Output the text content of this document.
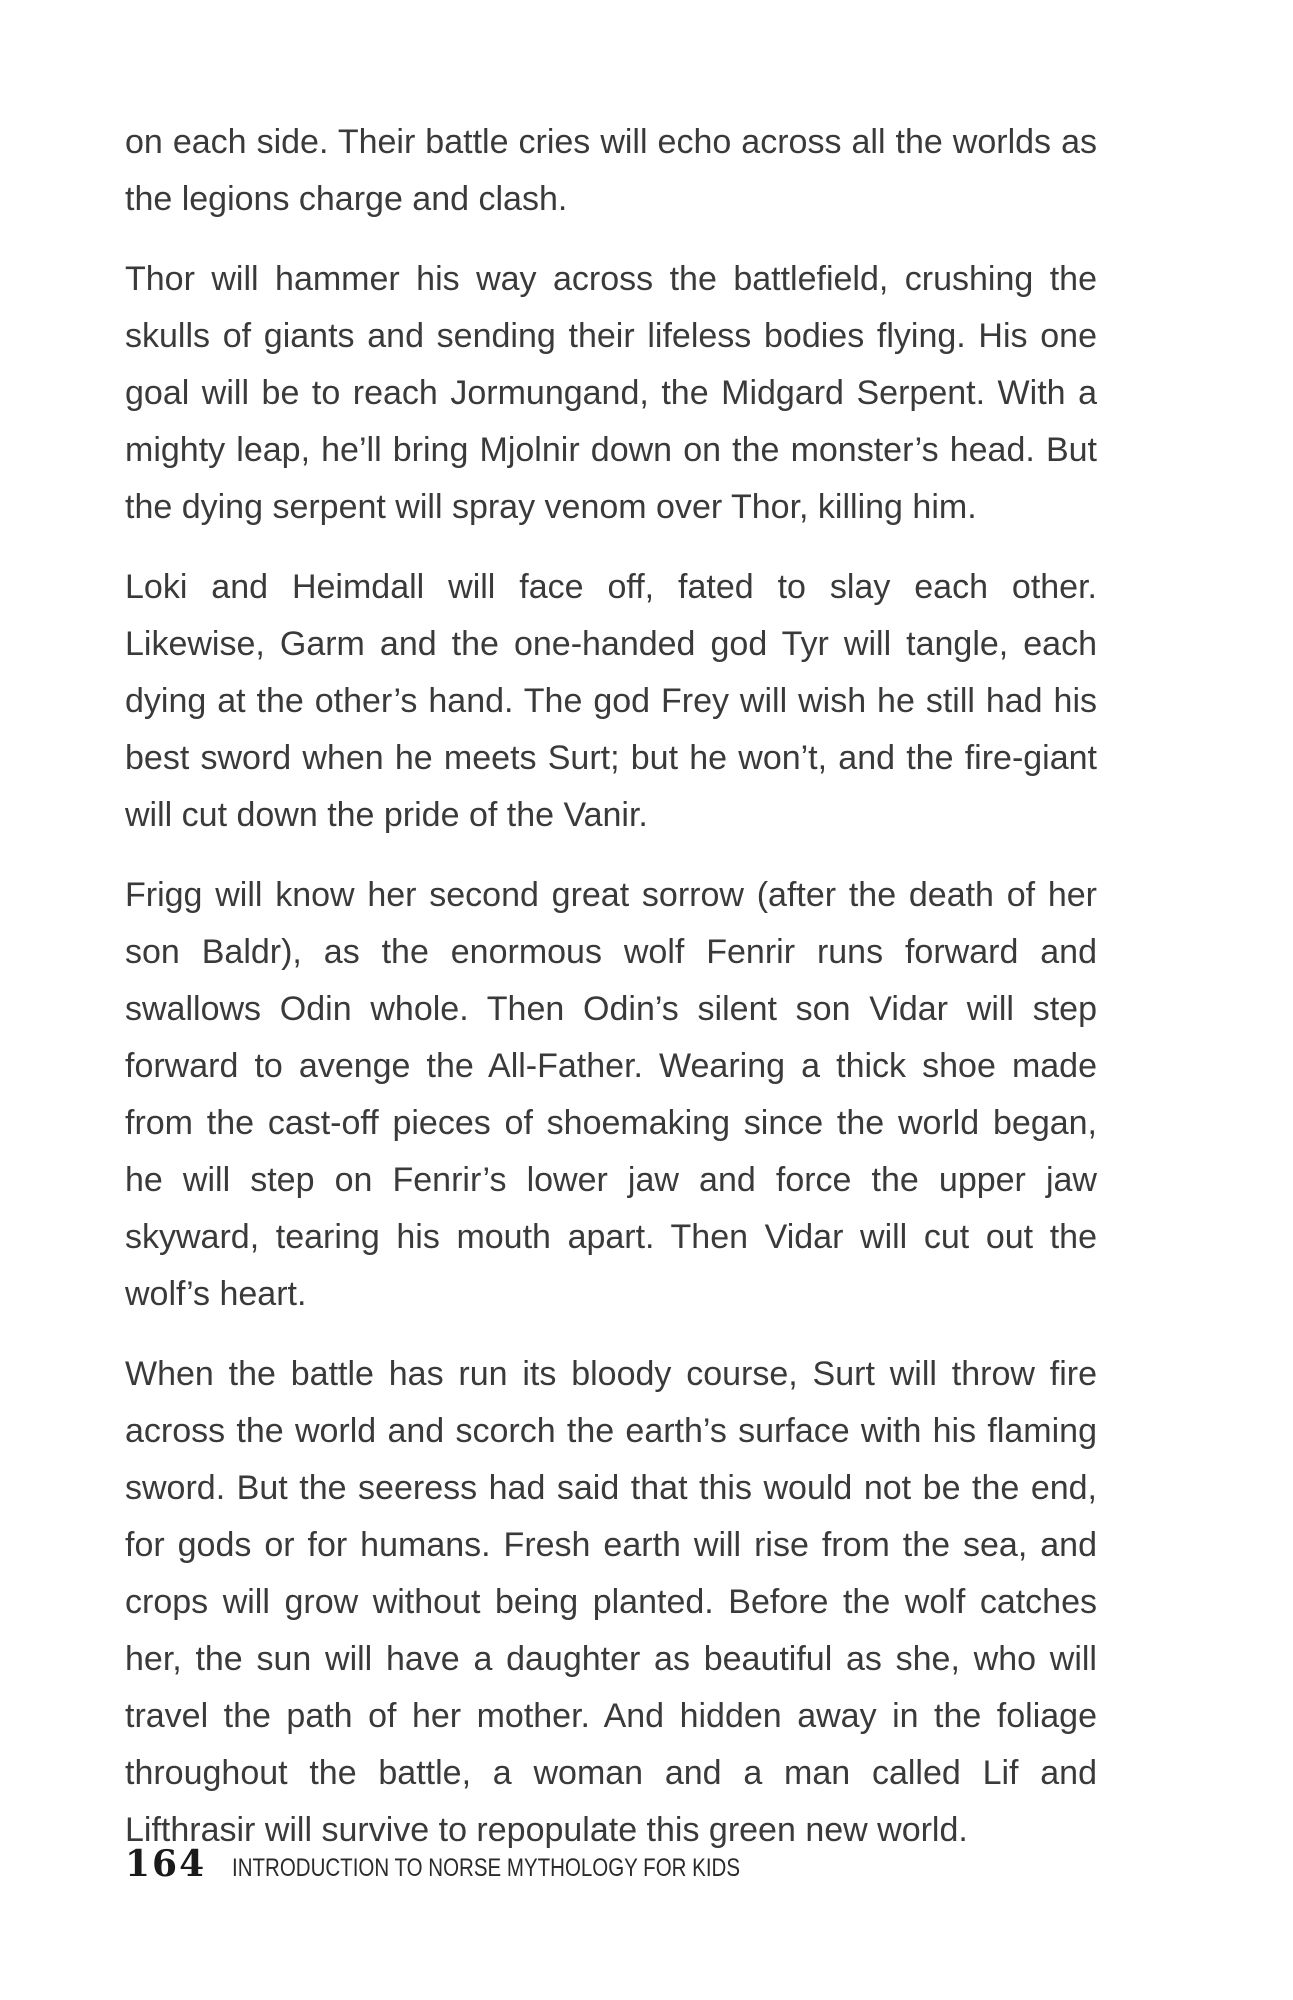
on each side. Their battle cries will echo across all the worlds as the legions charge and clash.

Thor will hammer his way across the battlefield, crushing the skulls of giants and sending their lifeless bodies flying. His one goal will be to reach Jormungand, the Midgard Serpent. With a mighty leap, he’ll bring Mjolnir down on the monster’s head. But the dying serpent will spray venom over Thor, killing him.

Loki and Heimdall will face off, fated to slay each other. Likewise, Garm and the one-handed god Tyr will tangle, each dying at the other’s hand. The god Frey will wish he still had his best sword when he meets Surt; but he won’t, and the fire-giant will cut down the pride of the Vanir.

Frigg will know her second great sorrow (after the death of her son Baldr), as the enormous wolf Fenrir runs forward and swallows Odin whole. Then Odin’s silent son Vidar will step forward to avenge the All-Father. Wearing a thick shoe made from the cast-off pieces of shoemaking since the world began, he will step on Fenrir’s lower jaw and force the upper jaw skyward, tearing his mouth apart. Then Vidar will cut out the wolf’s heart.

When the battle has run its bloody course, Surt will throw fire across the world and scorch the earth’s surface with his flaming sword. But the seeress had said that this would not be the end, for gods or for humans. Fresh earth will rise from the sea, and crops will grow without being planted. Before the wolf catches her, the sun will have a daughter as beautiful as she, who will travel the path of her mother. And hidden away in the foliage throughout the battle, a woman and a man called Lif and Lifthrasir will survive to repopulate this green new world.

164 INTRODUCTION TO NORSE MYTHOLOGY FOR KIDS
